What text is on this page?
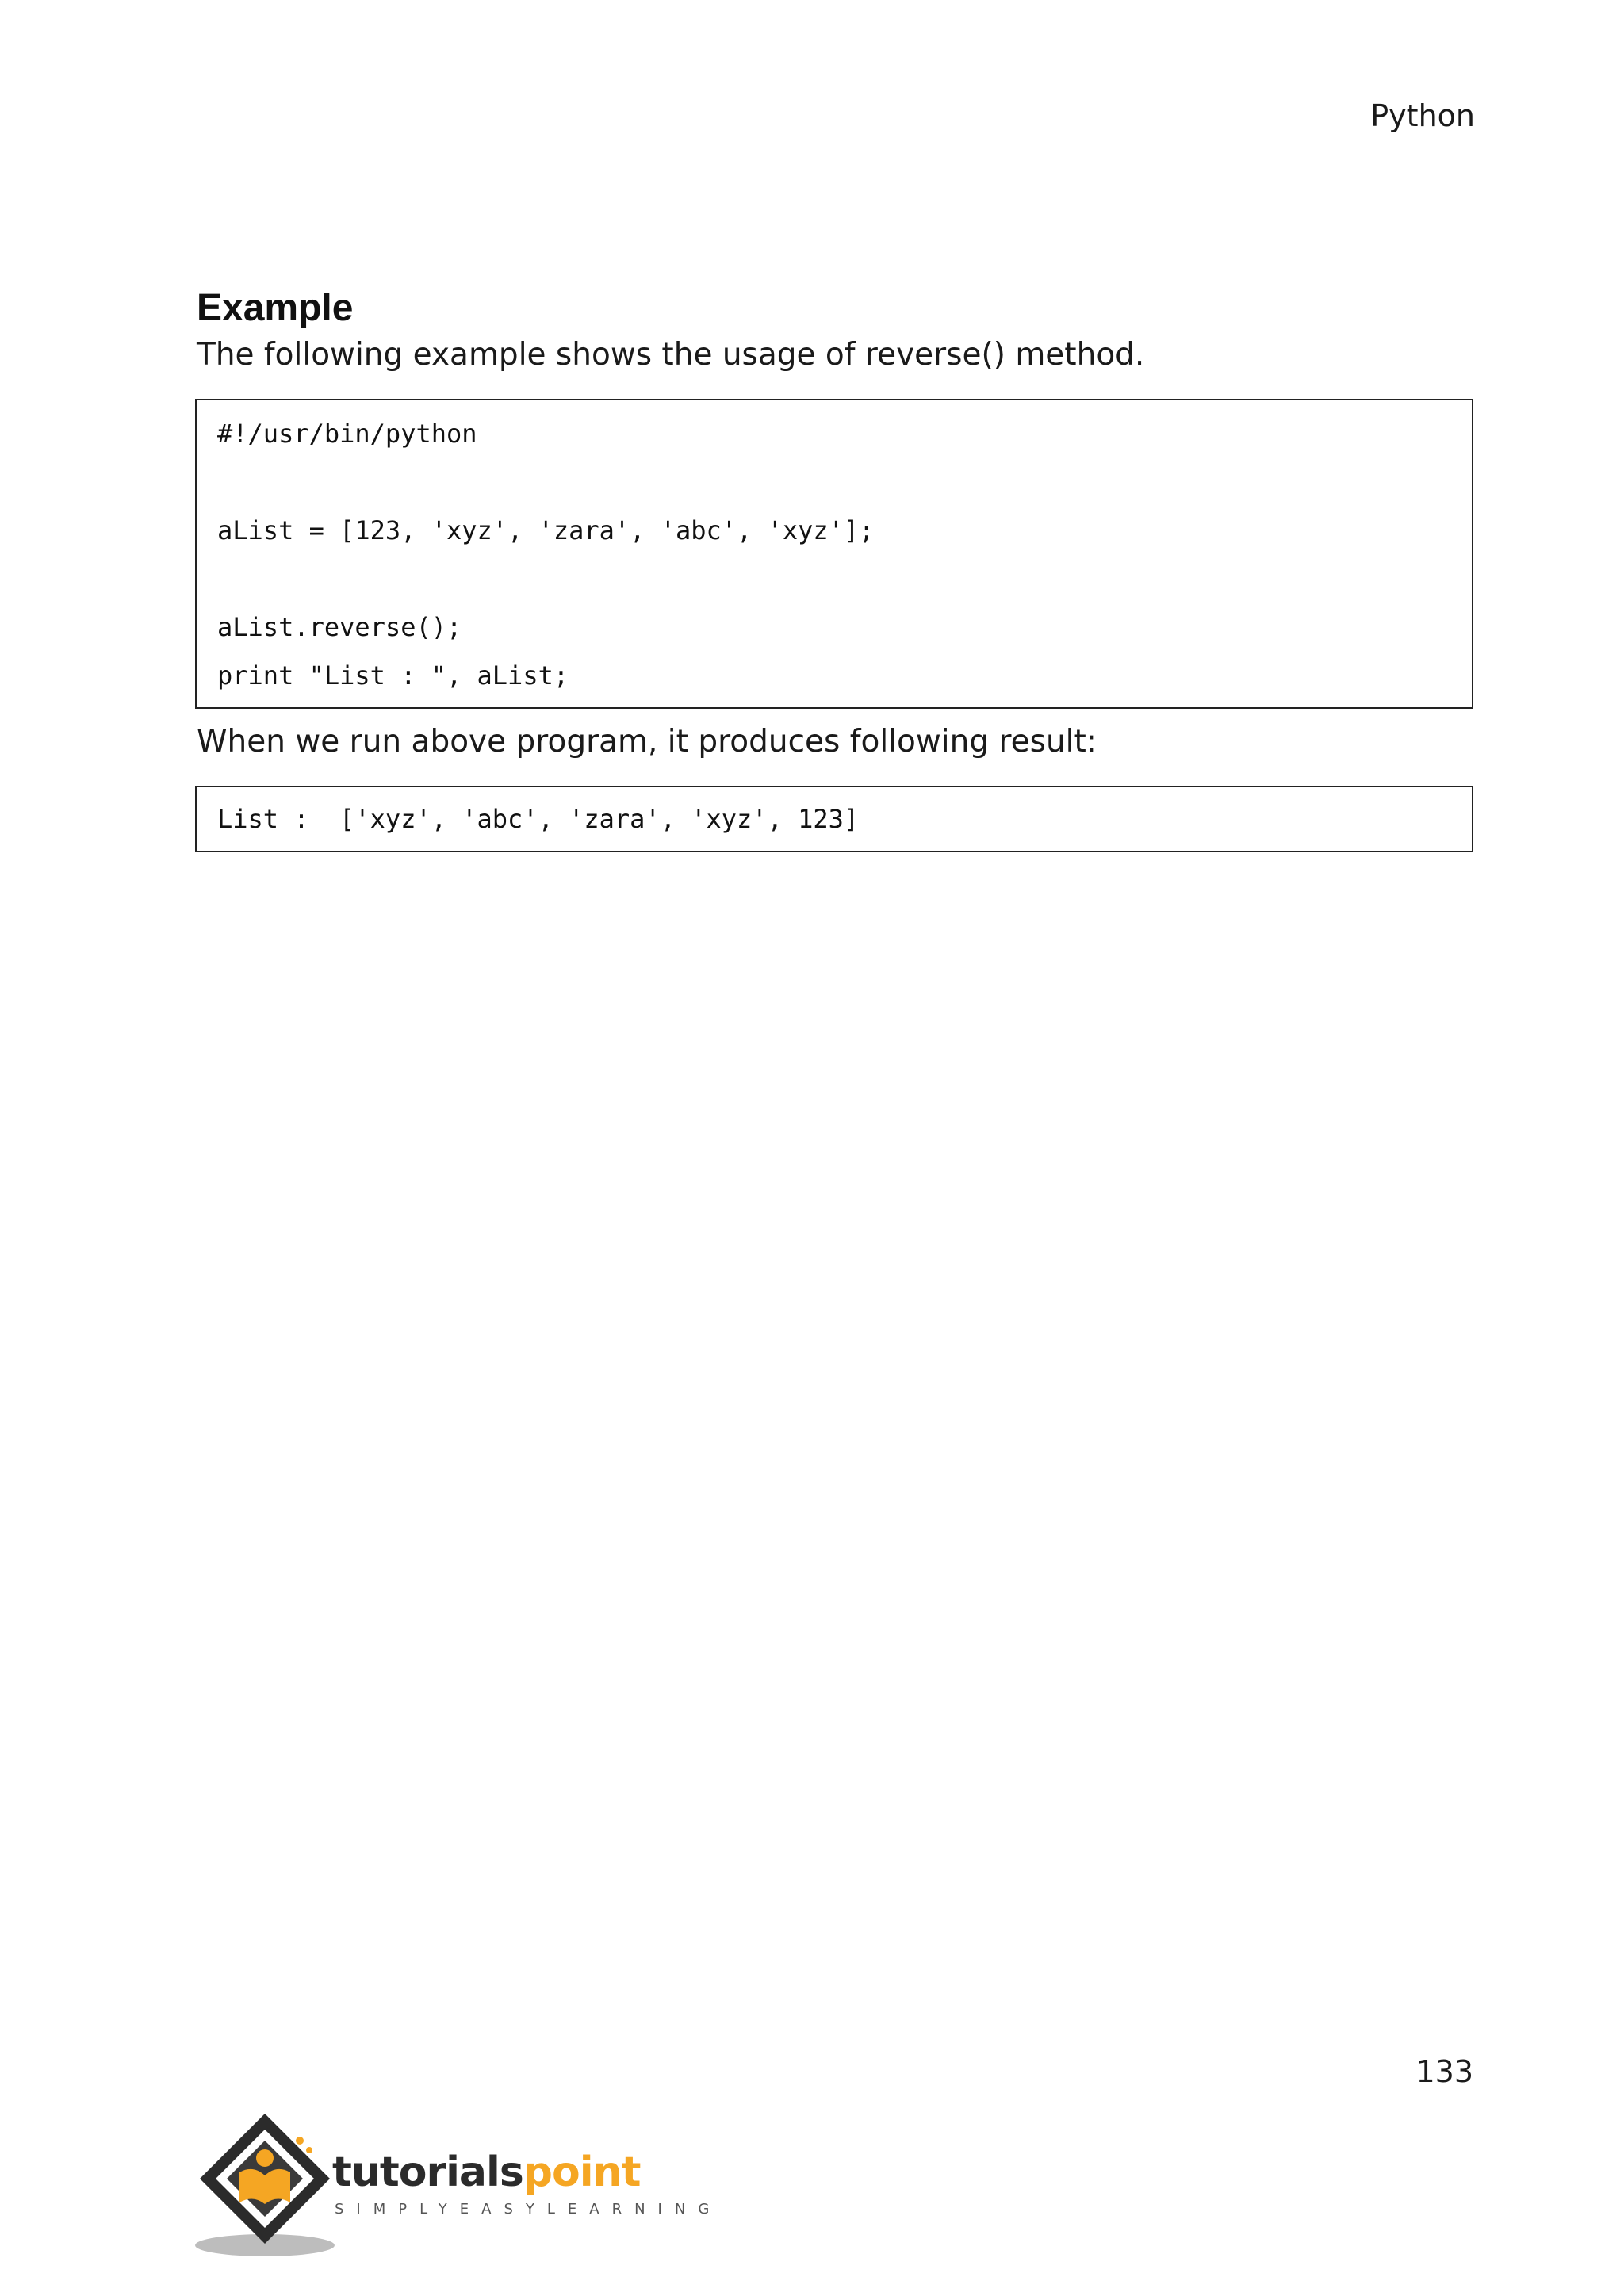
Python
Example
The following example shows the usage of reverse() method.
#!/usr/bin/python
aList = [123, 'xyz', 'zara', 'abc', 'xyz'];
aList.reverse();
print "List : ", aList;
When we run above program, it produces following result:
List :  ['xyz', 'abc', 'zara', 'xyz', 123]
133
tutorialspoint
SIMPLYEASYLEARNING
